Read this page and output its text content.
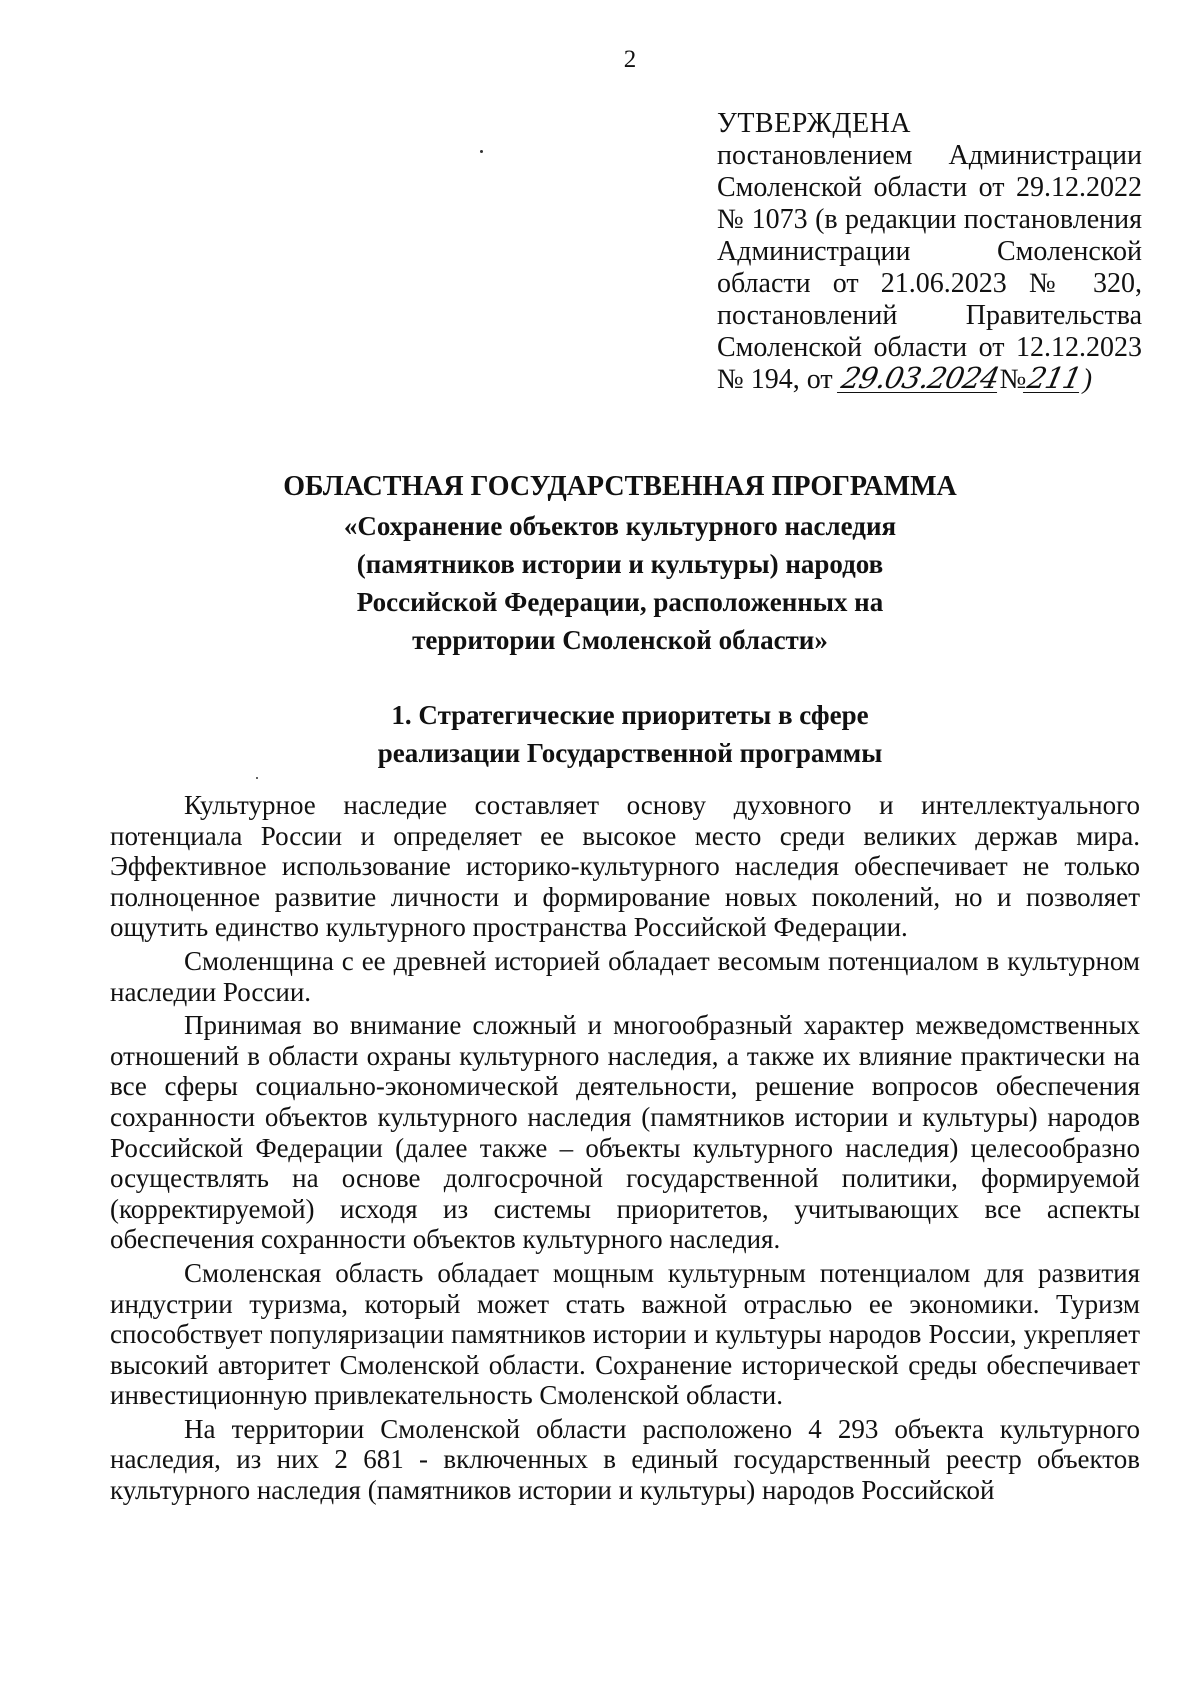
2
УТВЕРЖДЕНА
постановлением Администрации
Смоленской области от 29.12.2022
№ 1073 (в редакции постановления
Администрации Смоленской
области от 21.06.2023 № 320,
постановлений Правительства
Смоленской области от 12.12.2023
№ 194, от 29.03.2024№211)
ОБЛАСТНАЯ ГОСУДАРСТВЕННАЯ ПРОГРАММА
«Сохранение объектов культурного наследия
(памятников истории и культуры) народов
Российской Федерации, расположенных на
территории Смоленской области»
1. Стратегические приоритеты в сфере
реализации Государственной программы

Культурное наследие составляет основу духовного и интеллектуального потенциала России и определяет ее высокое место среди великих держав мира. Эффективное использование историко-культурного наследия обеспечивает не только полноценное развитие личности и формирование новых поколений, но и позволяет ощутить единство культурного пространства Российской Федерации.

Смоленщина с ее древней историей обладает весомым потенциалом в культурном наследии России.

Принимая во внимание сложный и многообразный характер межведомственных отношений в области охраны культурного наследия, а также их влияние практически на все сферы социально-экономической деятельности, решение вопросов обеспечения сохранности объектов культурного наследия (памятников истории и культуры) народов Российской Федерации (далее также – объекты культурного наследия) целесообразно осуществлять на основе долгосрочной государственной политики, формируемой (корректируемой) исходя из системы приоритетов, учитывающих все аспекты обеспечения сохранности объектов культурного наследия.

Смоленская область обладает мощным культурным потенциалом для развития индустрии туризма, который может стать важной отраслью ее экономики. Туризм способствует популяризации памятников истории и культуры народов России, укрепляет высокий авторитет Смоленской области. Сохранение исторической среды обеспечивает инвестиционную привлекательность Смоленской области.

На территории Смоленской области расположено 4 293 объекта культурного наследия, из них 2 681 - включенных в единый государственный реестр объектов культурного наследия (памятников истории и культуры) народов Российской
